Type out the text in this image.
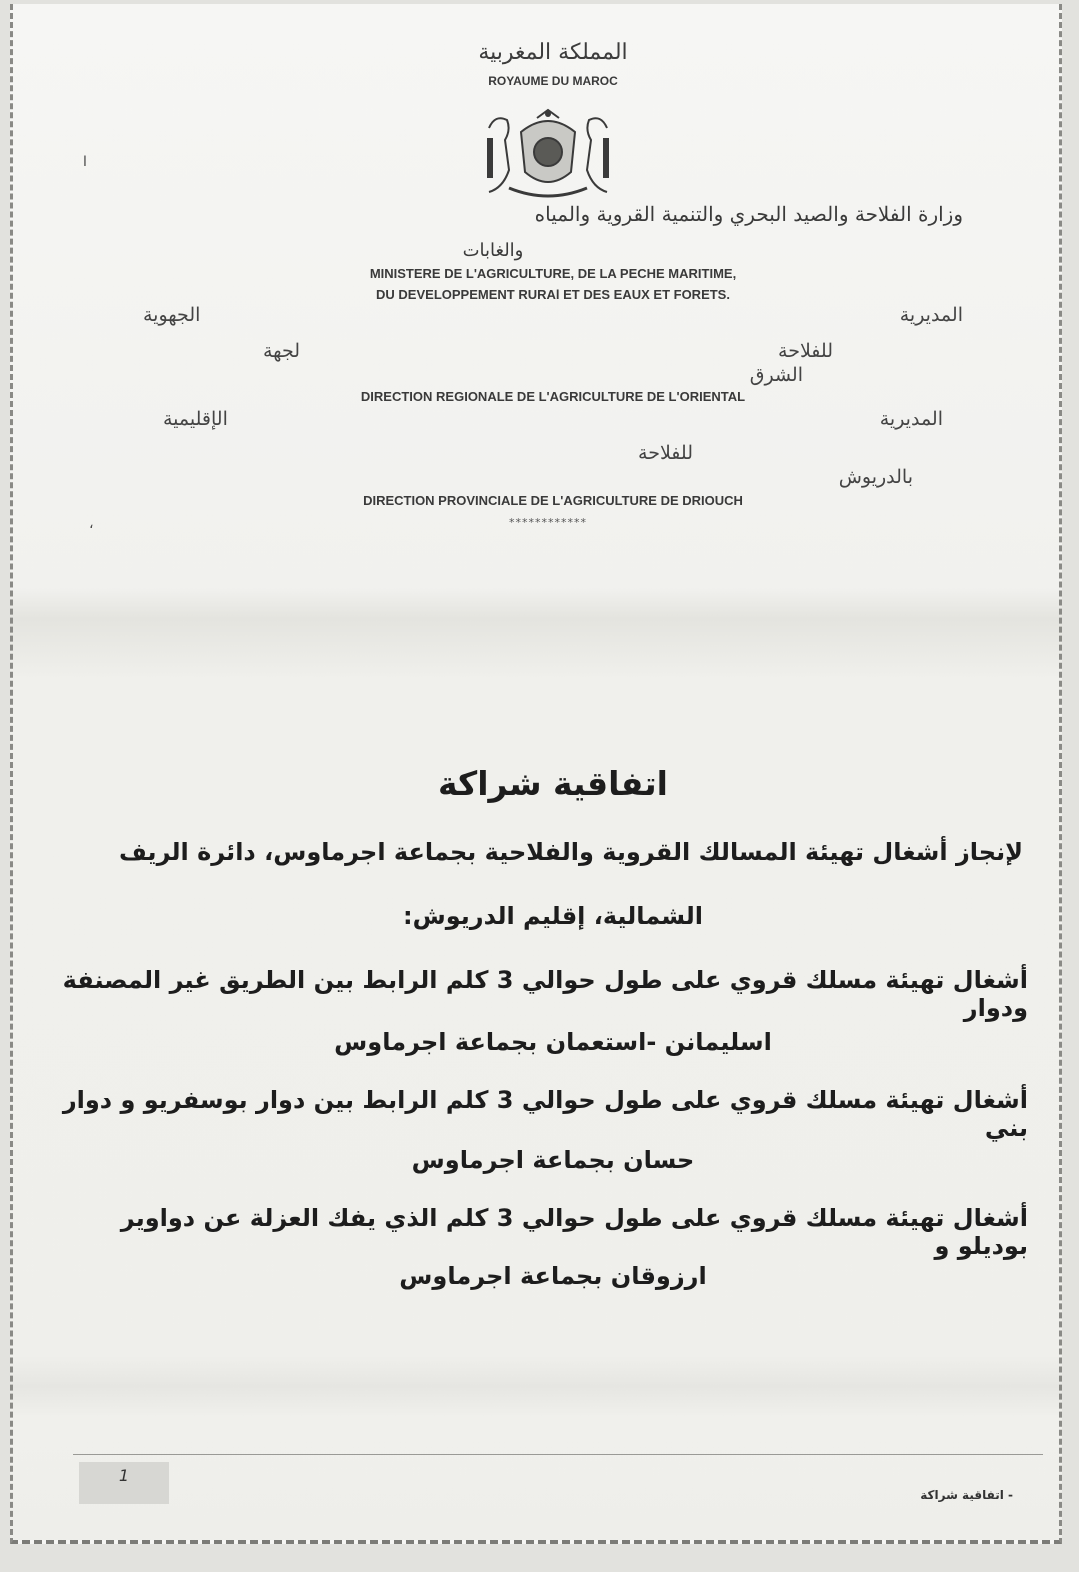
ا
المملكة المغربية
ROYAUME DU MAROC
وزارة الفلاحة والصيد البحري والتنمية القروية والمياه
والغابات
MINISTERE DE L'AGRICULTURE, DE LA PECHE MARITIME,
DU DEVELOPPEMENT RURAl ET DES EAUX ET FORETS.
المديرية الجهوية
للفلاحة لجهة
الشرق
DIRECTION REGIONALE DE L'AGRICULTURE DE L'ORIENTAL
المديرية الإقليمية
للفلاحة
بالدريوش
DIRECTION PROVINCIALE DE L'AGRICULTURE DE DRIOUCH
************
،
اتفاقية شراكة
لإنجاز أشغال تهيئة المسالك القروية والفلاحية بجماعة اجرماوس، دائرة الريف
الشمالية، إقليم الدريوش:
أشغال تهيئة مسلك قروي على طول حوالي 3 كلم الرابط بين الطريق غير المصنفة ودوار
اسليمانن -استعمان بجماعة اجرماوس
أشغال تهيئة مسلك قروي على طول حوالي 3 كلم الرابط بين دوار بوسفريو و دوار بني
حسان بجماعة اجرماوس
أشغال تهيئة مسلك قروي على طول حوالي 3 كلم الذي يفك العزلة عن دواوير بوديلو و
ارزوقان بجماعة اجرماوس
1
- اتفاقية شراكة
